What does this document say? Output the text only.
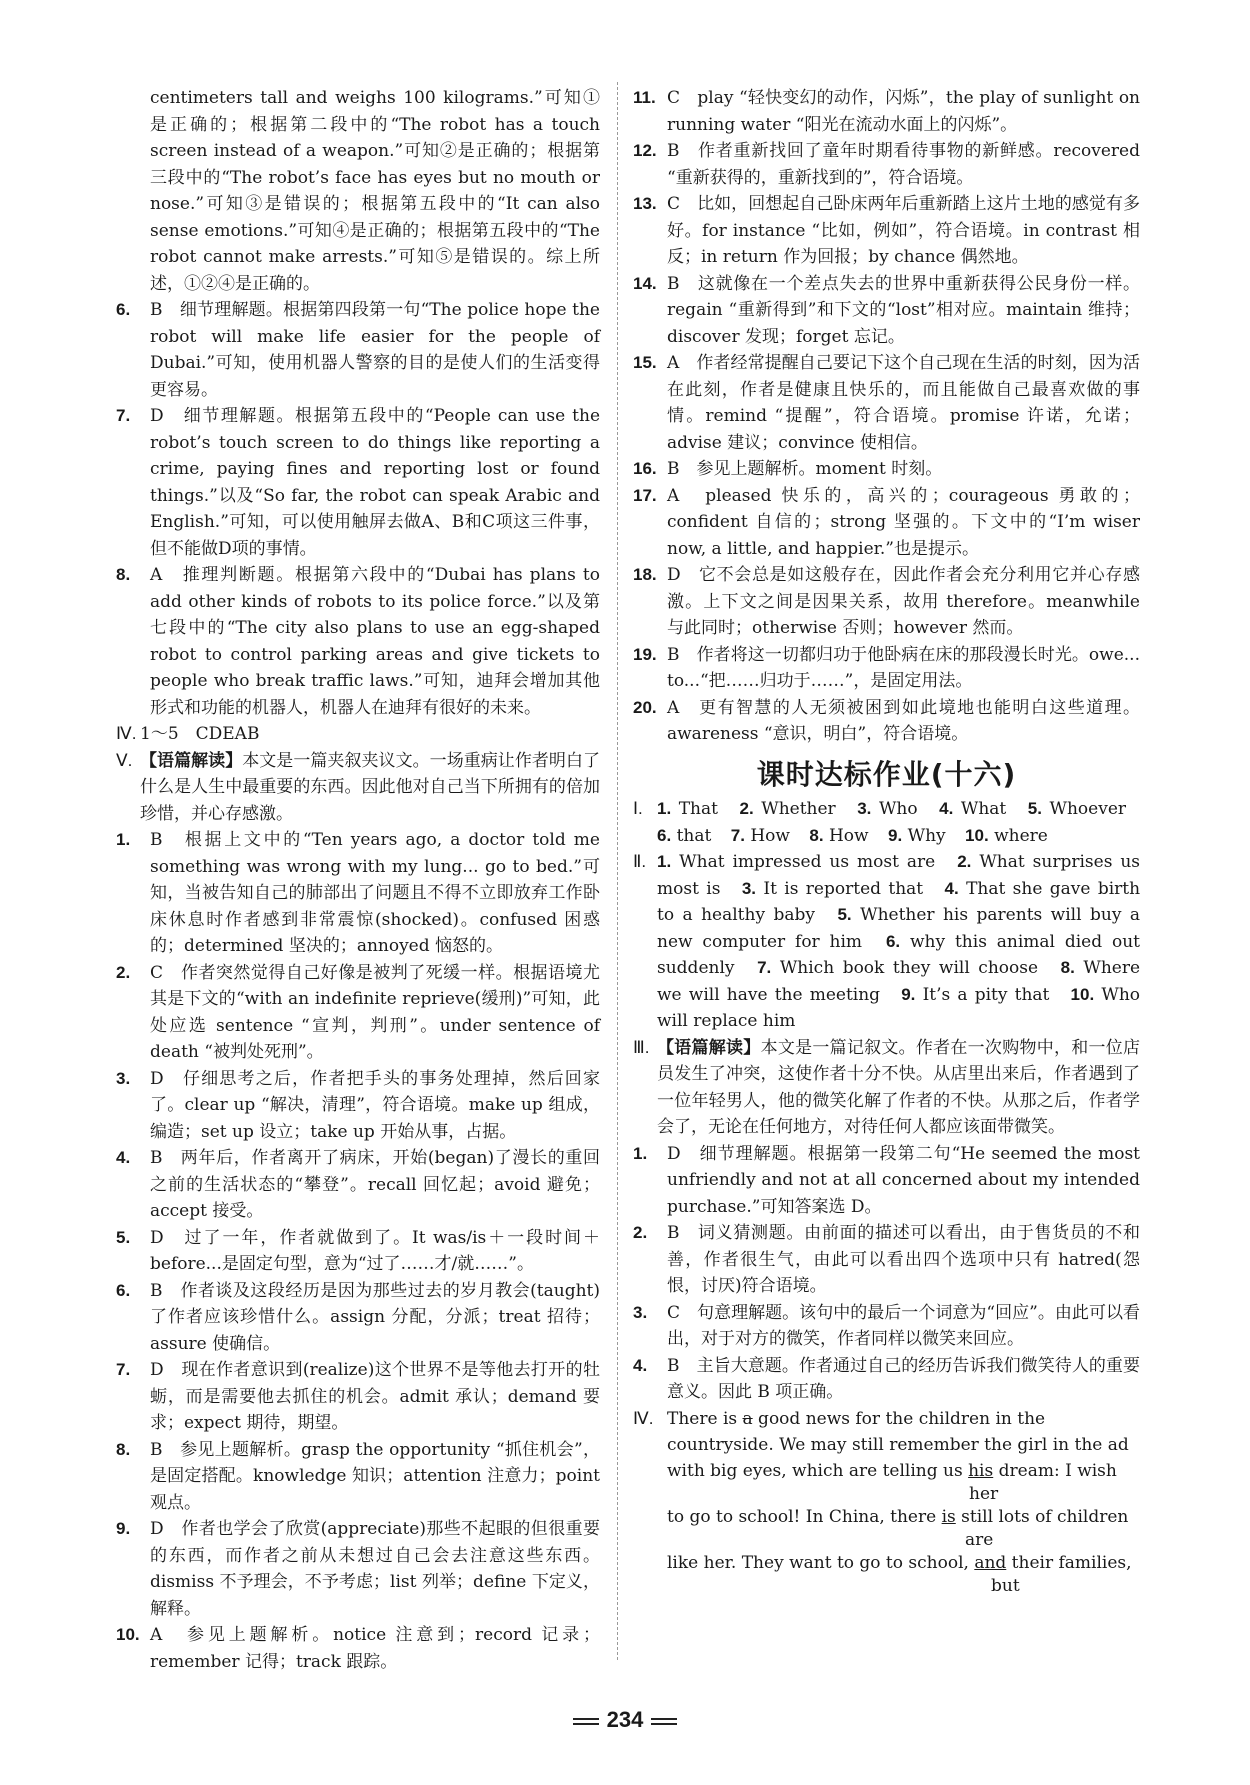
centimeters tall and weighs 100 kilograms.”可知①是正确的；根据第二段中的“The robot has a touch screen instead of a weapon.”可知②是正确的；根据第三段中的“The robot’s face has eyes but no mouth or nose.”可知③是错误的；根据第五段中的“It can also sense emotions.”可知④是正确的；根据第五段中的“The robot cannot make arrests.”可知⑤是错误的。综上所述，①②④是正确的。
6. B　细节理解题。根据第四段第一句“The police hope the robot will make life easier for the people of Dubai.”可知，使用机器人警察的目的是使人们的生活变得更容易。
7. D　细节理解题。根据第五段中的“People can use the robot’s touch screen to do things like reporting a crime, paying fines and reporting lost or found things.”以及“So far, the robot can speak Arabic and English.”可知，可以使用触屏去做A、B和C项这三件事，但不能做D项的事情。
8. A　推理判断题。根据第六段中的“Dubai has plans to add other kinds of robots to its police force.”以及第七段中的“The city also plans to use an egg-shaped robot to control parking areas and give tickets to people who break traffic laws.”可知，迪拜会增加其他形式和功能的机器人，机器人在迪拜有很好的未来。
Ⅳ. 1～5　CDEAB
Ⅴ. 【语篇解读】本文是一篇夹叙夹议文。一场重病让作者明白了什么是人生中最重要的东西。因此他对自己当下所拥有的倍加珍惜，并心存感激。
1. B　根据上文中的“Ten years ago, a doctor told me something was wrong with my lung... go to bed.”可知，当被告知自己的肺部出了问题且不得不立即放弃工作卧床休息时作者感到非常震惊(shocked)。confused 困惑的；determined 坚决的；annoyed 恼怒的。
2. C　作者突然觉得自己好像是被判了死缓一样。根据语境尤其是下文的“with an indefinite reprieve(缓刑)”可知，此处应选 sentence “宣判，判刑”。under sentence of death “被判处死刑”。
3. D　仔细思考之后，作者把手头的事务处理掉，然后回家了。clear up “解决，清理”，符合语境。make up 组成，编造；set up 设立；take up 开始从事，占据。
4. B　两年后，作者离开了病床，开始(began)了漫长的重回之前的生活状态的“攀登”。recall 回忆起；avoid 避免；accept 接受。
5. D　过了一年，作者就做到了。It was/is＋一段时间＋before...是固定句型，意为“过了……才/就……”。
6. B　作者谈及这段经历是因为那些过去的岁月教会(taught)了作者应该珍惜什么。assign 分配，分派；treat 招待；assure 使确信。
7. D　现在作者意识到(realize)这个世界不是等他去打开的牡蛎，而是需要他去抓住的机会。admit 承认；demand 要求；expect 期待，期望。
8. B　参见上题解析。grasp the opportunity “抓住机会”，是固定搭配。knowledge 知识；attention 注意力；point 观点。
9. D　作者也学会了欣赏(appreciate)那些不起眼的但很重要的东西，而作者之前从未想过自己会去注意这些东西。dismiss 不予理会，不予考虑；list 列举；define 下定义，解释。
10. A　参见上题解析。notice 注意到；record 记录；remember 记得；track 跟踪。
11. C　play “轻快变幻的动作，闪烁”，the play of sunlight on running water “阳光在流动水面上的闪烁”。
12. B　作者重新找回了童年时期看待事物的新鲜感。recovered “重新获得的，重新找到的”，符合语境。
13. C　比如，回想起自己卧床两年后重新踏上这片土地的感觉有多好。for instance “比如，例如”，符合语境。in contrast 相反；in return 作为回报；by chance 偶然地。
14. B　这就像在一个差点失去的世界中重新获得公民身份一样。regain “重新得到”和下文的“lost”相对应。maintain 维持；discover 发现；forget 忘记。
15. A　作者经常提醒自己要记下这个自己现在生活的时刻，因为活在此刻，作者是健康且快乐的，而且能做自己最喜欢做的事情。remind “提醒”，符合语境。promise 许诺，允诺；advise 建议；convince 使相信。
16. B　参见上题解析。moment 时刻。
17. A　pleased 快乐的，高兴的；courageous 勇敢的；confident 自信的；strong 坚强的。下文中的“I’m wiser now, a little, and happier.”也是提示。
18. D　它不会总是如这般存在，因此作者会充分利用它并心存感激。上下文之间是因果关系，故用 therefore。meanwhile 与此同时；otherwise 否则；however 然而。
19. B　作者将这一切都归功于他卧病在床的那段漫长时光。owe... to...“把……归功于……”，是固定用法。
20. A　更有智慧的人无须被困到如此境地也能明白这些道理。awareness “意识，明白”，符合语境。
课时达标作业(十六)
Ⅰ. 1. That 2. Whether 3. Who 4. What 5. Whoever 6. that 7. How 8. How 9. Why 10. where
Ⅱ. 1. What impressed us most are 2. What surprises us most is 3. It is reported that 4. That she gave birth to a healthy baby 5. Whether his parents will buy a new computer for him 6. why this animal died out suddenly 7. Which book they will choose 8. Where we will have the meeting 9. It’s a pity that 10. Who will replace him
Ⅲ. 【语篇解读】本文是一篇记叙文。作者在一次购物中，和一位店员发生了冲突，这使作者十分不快。从店里出来后，作者遇到了一位年轻男人，他的微笑化解了作者的不快。从那之后，作者学会了，无论在任何地方，对待任何人都应该面带微笑。
1. D　细节理解题。根据第一段第二句“He seemed the most unfriendly and not at all concerned about my intended purchase.”可知答案选 D。
2. B　词义猜测题。由前面的描述可以看出，由于售货员的不和善，作者很生气，由此可以看出四个选项中只有 hatred(怨恨，讨厌)符合语境。
3. C　句意理解题。该句中的最后一个词意为“回应”。由此可以看出，对于对方的微笑，作者同样以微笑来回应。
4. B　主旨大意题。作者通过自己的经历告诉我们微笑待人的重要意义。因此 B 项正确。
Ⅳ. There is a good news for the children in the
countryside. We may still remember the girl in the ad
with big eyes, which are telling us his dream: I wish
her
to go to school! In China, there is still lots of children
are
like her. They want to go to school, and their families,
but
234
